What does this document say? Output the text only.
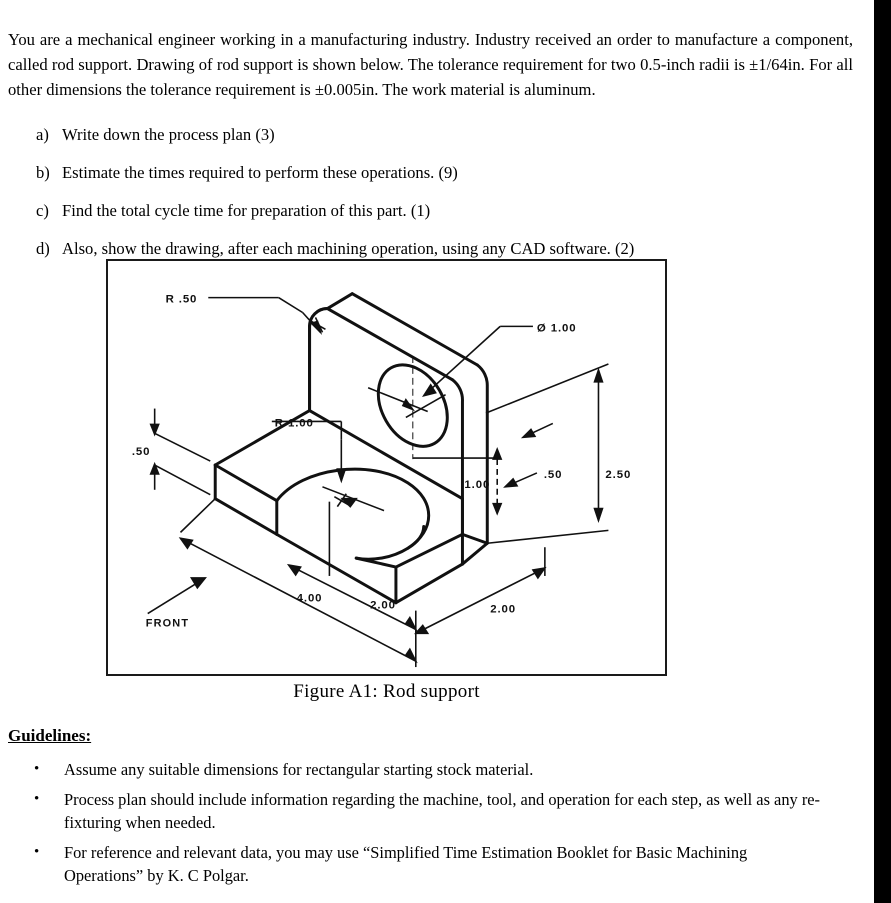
You are a mechanical engineer working in a manufacturing industry. Industry received an order to manufacture a component, called rod support. Drawing of rod support is shown below. The tolerance requirement for two 0.5-inch radii is ±1/64in. For all other dimensions the tolerance requirement is ±0.005in. The work material is aluminum.

a) Write down the process plan (3)
b) Estimate the times required to perform these operations. (9)
c) Find the total cycle time for preparation of this part. (1)
d) Also, show the drawing, after each machining operation, using any CAD software. (2)
R .50
Ø 1.00
R 1.00
1.00
.50
.50	2.50
4.00
2.00	2.00
FRONT
Figure A1: Rod support
Guidelines:
•	Assume any suitable dimensions for rectangular starting stock material.
•	Process plan should include information regarding the machine, tool, and operation for each step, as well as any re-fixturing when needed.
•	For reference and relevant data, you may use “Simplified Time Estimation Booklet for Basic Machining Operations” by K. C Polgar.
